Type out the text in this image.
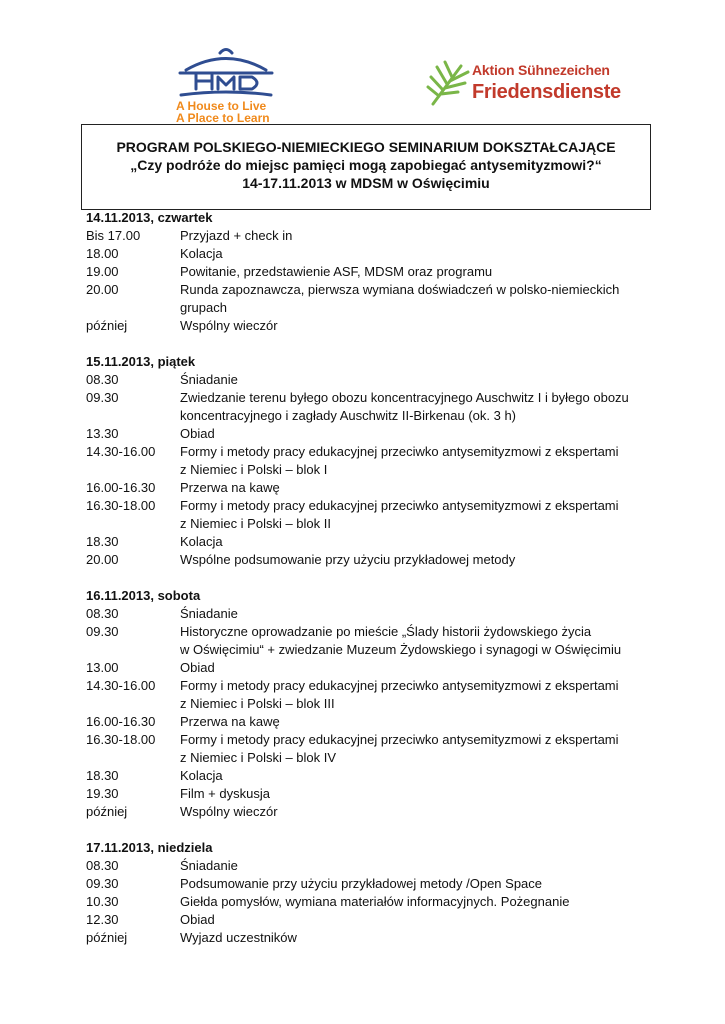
A House to Live
A Place to Learn
Aktion Sühnezeichen
Friedensdienste
PROGRAM POLSKIEGO-NIEMIECKIEGO SEMINARIUM DOKSZTAŁCAJĄCE
„Czy podróże do miejsc pamięci mogą zapobiegać antysemityzmowi?“
14-17.11.2013 w MDSM w Oświęcimiu
14.11.2013, czwartek
Bis 17.00	Przyjazd + check in
18.00	Kolacja
19.00	Powitanie, przedstawienie ASF, MDSM oraz programu
20.00	Runda zapoznawcza, pierwsza wymiana doświadczeń w polsko-niemieckich
grupach
później	Wspólny wieczór
15.11.2013, piątek
08.30	Śniadanie
09.30	Zwiedzanie terenu byłego obozu koncentracyjnego Auschwitz I i byłego obozu
koncentracyjnego i zagłady Auschwitz II-Birkenau (ok. 3 h)
13.30	Obiad
14.30-16.00	Formy i metody pracy edukacyjnej przeciwko antysemityzmowi z ekspertami
z Niemiec i Polski – blok I
16.00-16.30	Przerwa na kawę
16.30-18.00	Formy i metody pracy edukacyjnej przeciwko antysemityzmowi z ekspertami
z Niemiec i Polski – blok II
18.30	Kolacja
20.00	Wspólne podsumowanie przy użyciu przykładowej metody
16.11.2013, sobota
08.30	Śniadanie
09.30	Historyczne oprowadzanie po mieście „Ślady historii żydowskiego życia
w Oświęcimiu“ + zwiedzanie Muzeum Żydowskiego i synagogi w Oświęcimiu
13.00	Obiad
14.30-16.00	Formy i metody pracy edukacyjnej przeciwko antysemityzmowi z ekspertami
z Niemiec i Polski – blok III
16.00-16.30	Przerwa na kawę
16.30-18.00	Formy i metody pracy edukacyjnej przeciwko antysemityzmowi z ekspertami
z Niemiec i Polski – blok IV
18.30	Kolacja
19.30	Film + dyskusja
później	Wspólny wieczór
17.11.2013, niedziela
08.30	Śniadanie
09.30	Podsumowanie przy użyciu przykładowej metody /Open Space
10.30	Giełda pomysłów, wymiana materiałów informacyjnych. Pożegnanie
12.30	Obiad
później	Wyjazd uczestników
